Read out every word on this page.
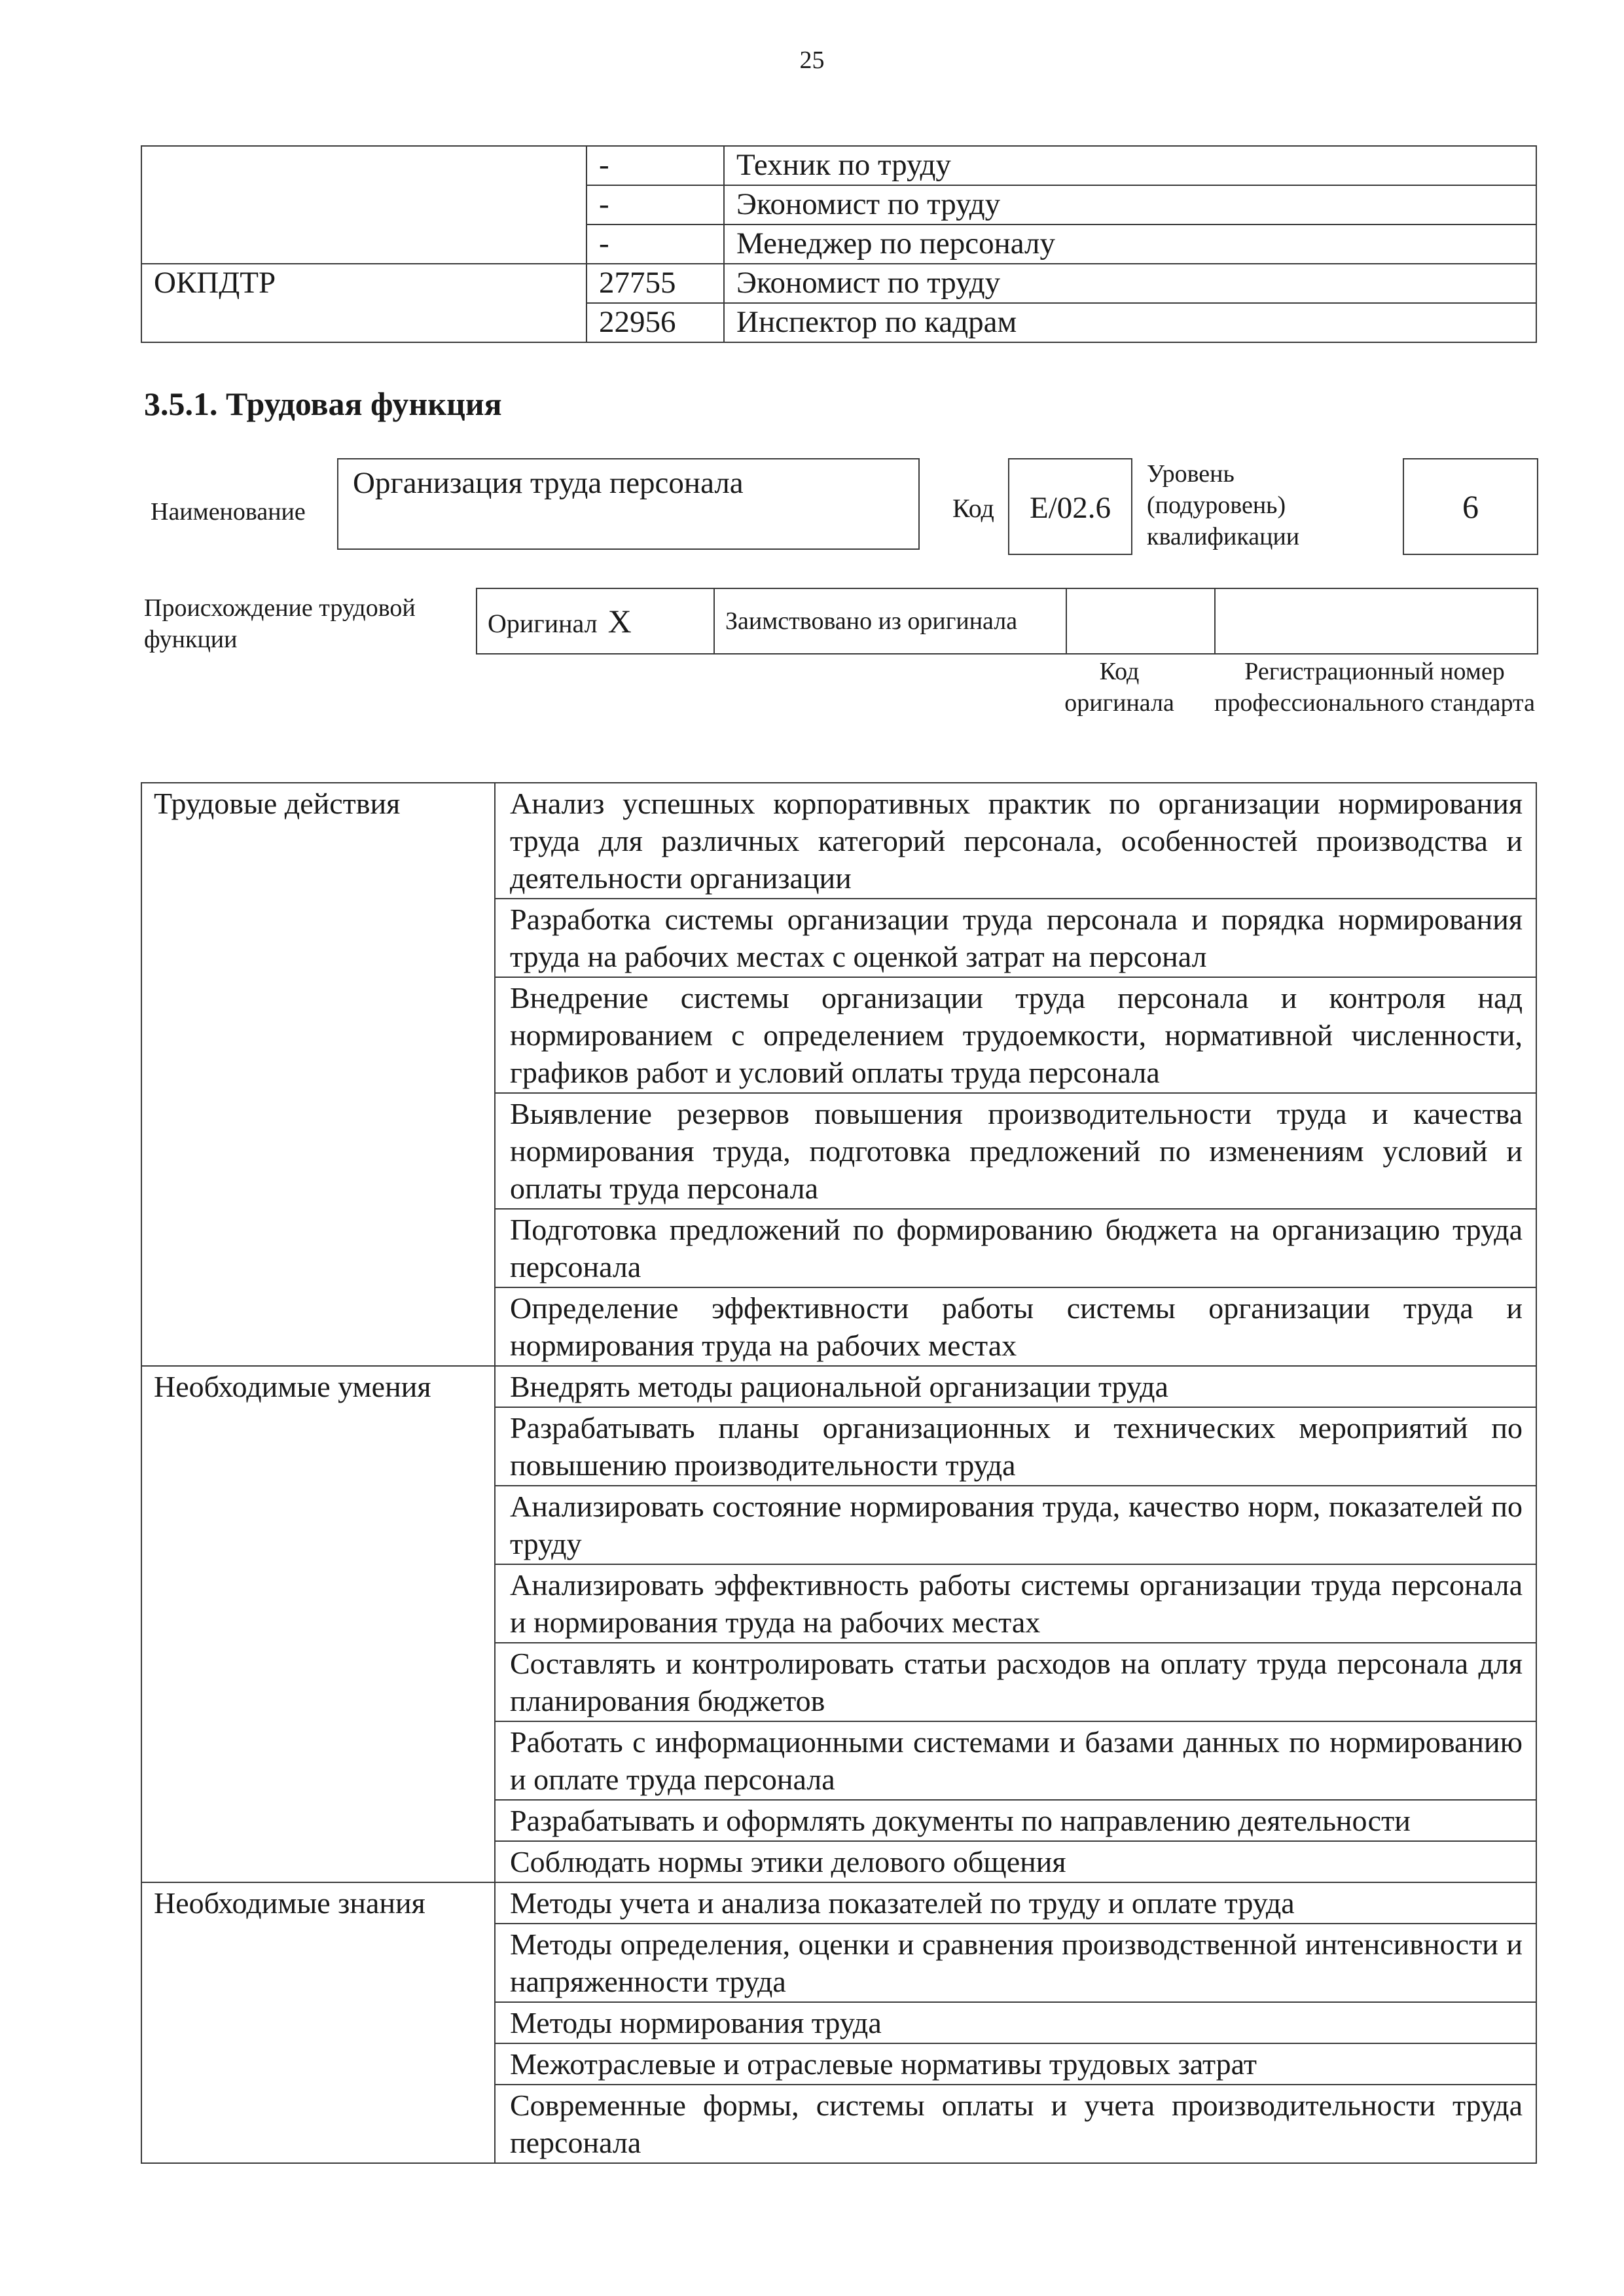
25
	-	Техник по труду
	-	Экономист по труду
	-	Менеджер по персоналу
ОКПДТР	27755	Экономист по труду
	22956	Инспектор по кадрам
3.5.1. Трудовая функция
Наименование
Организация труда персонала
Код	E/02.6
Уровень
(подуровень)
квалификации
6
Происхождение трудовой функции
Оригинал X	Заимствовано из оригинала		
Код оригинала
Регистрационный номер профессионального стандарта
Трудовые действия	Анализ успешных корпоративных практик по организации нормирования труда для различных категорий персонала, особенностей производства и деятельности организации
	Разработка системы организации труда персонала и порядка нормирования труда на рабочих местах с оценкой затрат на персонал
	Внедрение системы организации труда персонала и контроля над нормированием с определением трудоемкости, нормативной численности, графиков работ и условий оплаты труда персонала
	Выявление резервов повышения производительности труда и качества нормирования труда, подготовка предложений по изменениям условий и оплаты труда персонала
	Подготовка предложений по формированию бюджета на организацию труда персонала
	Определение эффективности работы системы организации труда и нормирования труда на рабочих местах
Необходимые умения	Внедрять методы рациональной организации труда
	Разрабатывать планы организационных и технических мероприятий по повышению производительности труда
	Анализировать состояние нормирования труда, качество норм, показателей по труду
	Анализировать эффективность работы системы организации труда персонала и нормирования труда на рабочих местах
	Составлять и контролировать статьи расходов на оплату труда персонала для планирования бюджетов
	Работать с информационными системами и базами данных по нормированию и оплате труда персонала
	Разрабатывать и оформлять документы по направлению деятельности
	Соблюдать нормы этики делового общения
Необходимые знания	Методы учета и анализа показателей по труду и оплате труда
	Методы определения, оценки и сравнения производственной интенсивности и напряженности труда
	Методы нормирования труда
	Межотраслевые и отраслевые нормативы трудовых затрат
	Современные формы, системы оплаты и учета производительности труда персонала
